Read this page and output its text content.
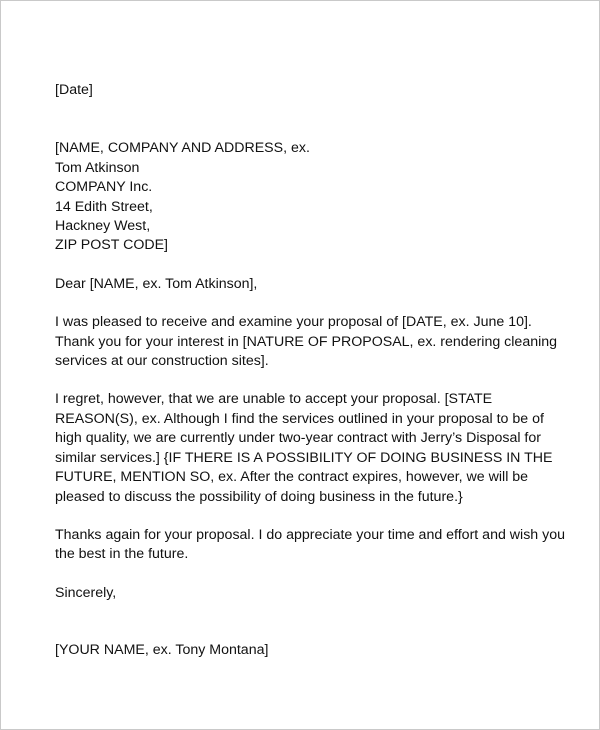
[Date]
[NAME, COMPANY AND ADDRESS, ex.
Tom Atkinson
COMPANY Inc.
14 Edith Street,
Hackney West,
ZIP POST CODE]
Dear [NAME, ex. Tom Atkinson],
I was pleased to receive and examine your proposal of [DATE, ex. June 10].
Thank you for your interest in [NATURE OF PROPOSAL, ex. rendering cleaning
services at our construction sites].
I regret, however, that we are unable to accept your proposal. [STATE
REASON(S), ex. Although I find the services outlined in your proposal to be of
high quality, we are currently under two-year contract with Jerry’s Disposal for
similar services.] {IF THERE IS A POSSIBILITY OF DOING BUSINESS IN THE
FUTURE, MENTION SO, ex. After the contract expires, however, we will be
pleased to discuss the possibility of doing business in the future.}
Thanks again for your proposal. I do appreciate your time and effort and wish you
the best in the future.
Sincerely,
[YOUR NAME, ex. Tony Montana]
